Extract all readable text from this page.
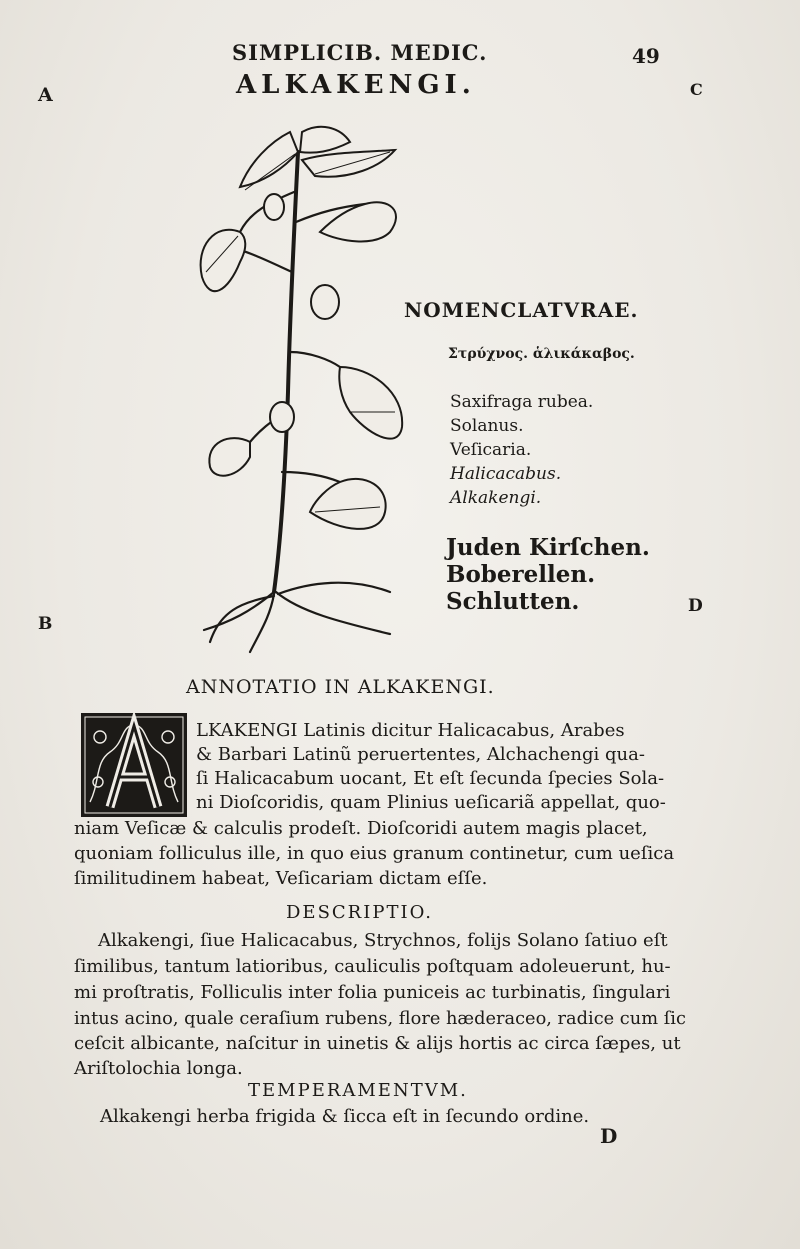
SIMPLICIB. MEDIC.	49
ALKAKENGI.
A	C
B
D
D
NOMENCLATVRAE.
Στρύχνος. ἁλικάκαβος.
Saxifraga rubea.
Solanus.
Veſicaria.
Halicacabus.
Alkakengi.
Juden Kirſchen.
Boberellen.
Schlutten.
ANNOTATIO IN ALKAKENGI.
LKAKENGI Latinis dicitur Halicacabus, Arabes
& Barbari Latinũ peruertentes, Alchachengi qua-
ſi Halicacabum uocant, Et eſt ſecunda ſpecies Sola-
ni Dioſcoridis, quam Plinius ueſicariã appellat, quo-
niam Veſicæ & calculis prodeſt. Dioſcoridi autem magis placet,
quoniam folliculus ille, in quo eius granum continetur, cum ueſica
ſimilitudinem habeat, Veſicariam dictam eſſe.
DESCRIPTIO.
Alkakengi, ſiue Halicacabus, Strychnos, folijs Solano ſatiuo eſt
ſimilibus, tantum latioribus, cauliculis poſtquam adoleuerunt, hu-
mi proſtratis, Folliculis inter folia puniceis ac turbinatis, ſingulari
intus acino, quale ceraſium rubens, flore hæderaceo, radice cum ſic
ceſcit albicante, naſcitur in uinetis & alijs hortis ac circa ſæpes, ut
Ariſtolochia longa.
TEMPERAMENTVM.
Alkakengi herba frigida & ſicca eſt in ſecundo ordine.
